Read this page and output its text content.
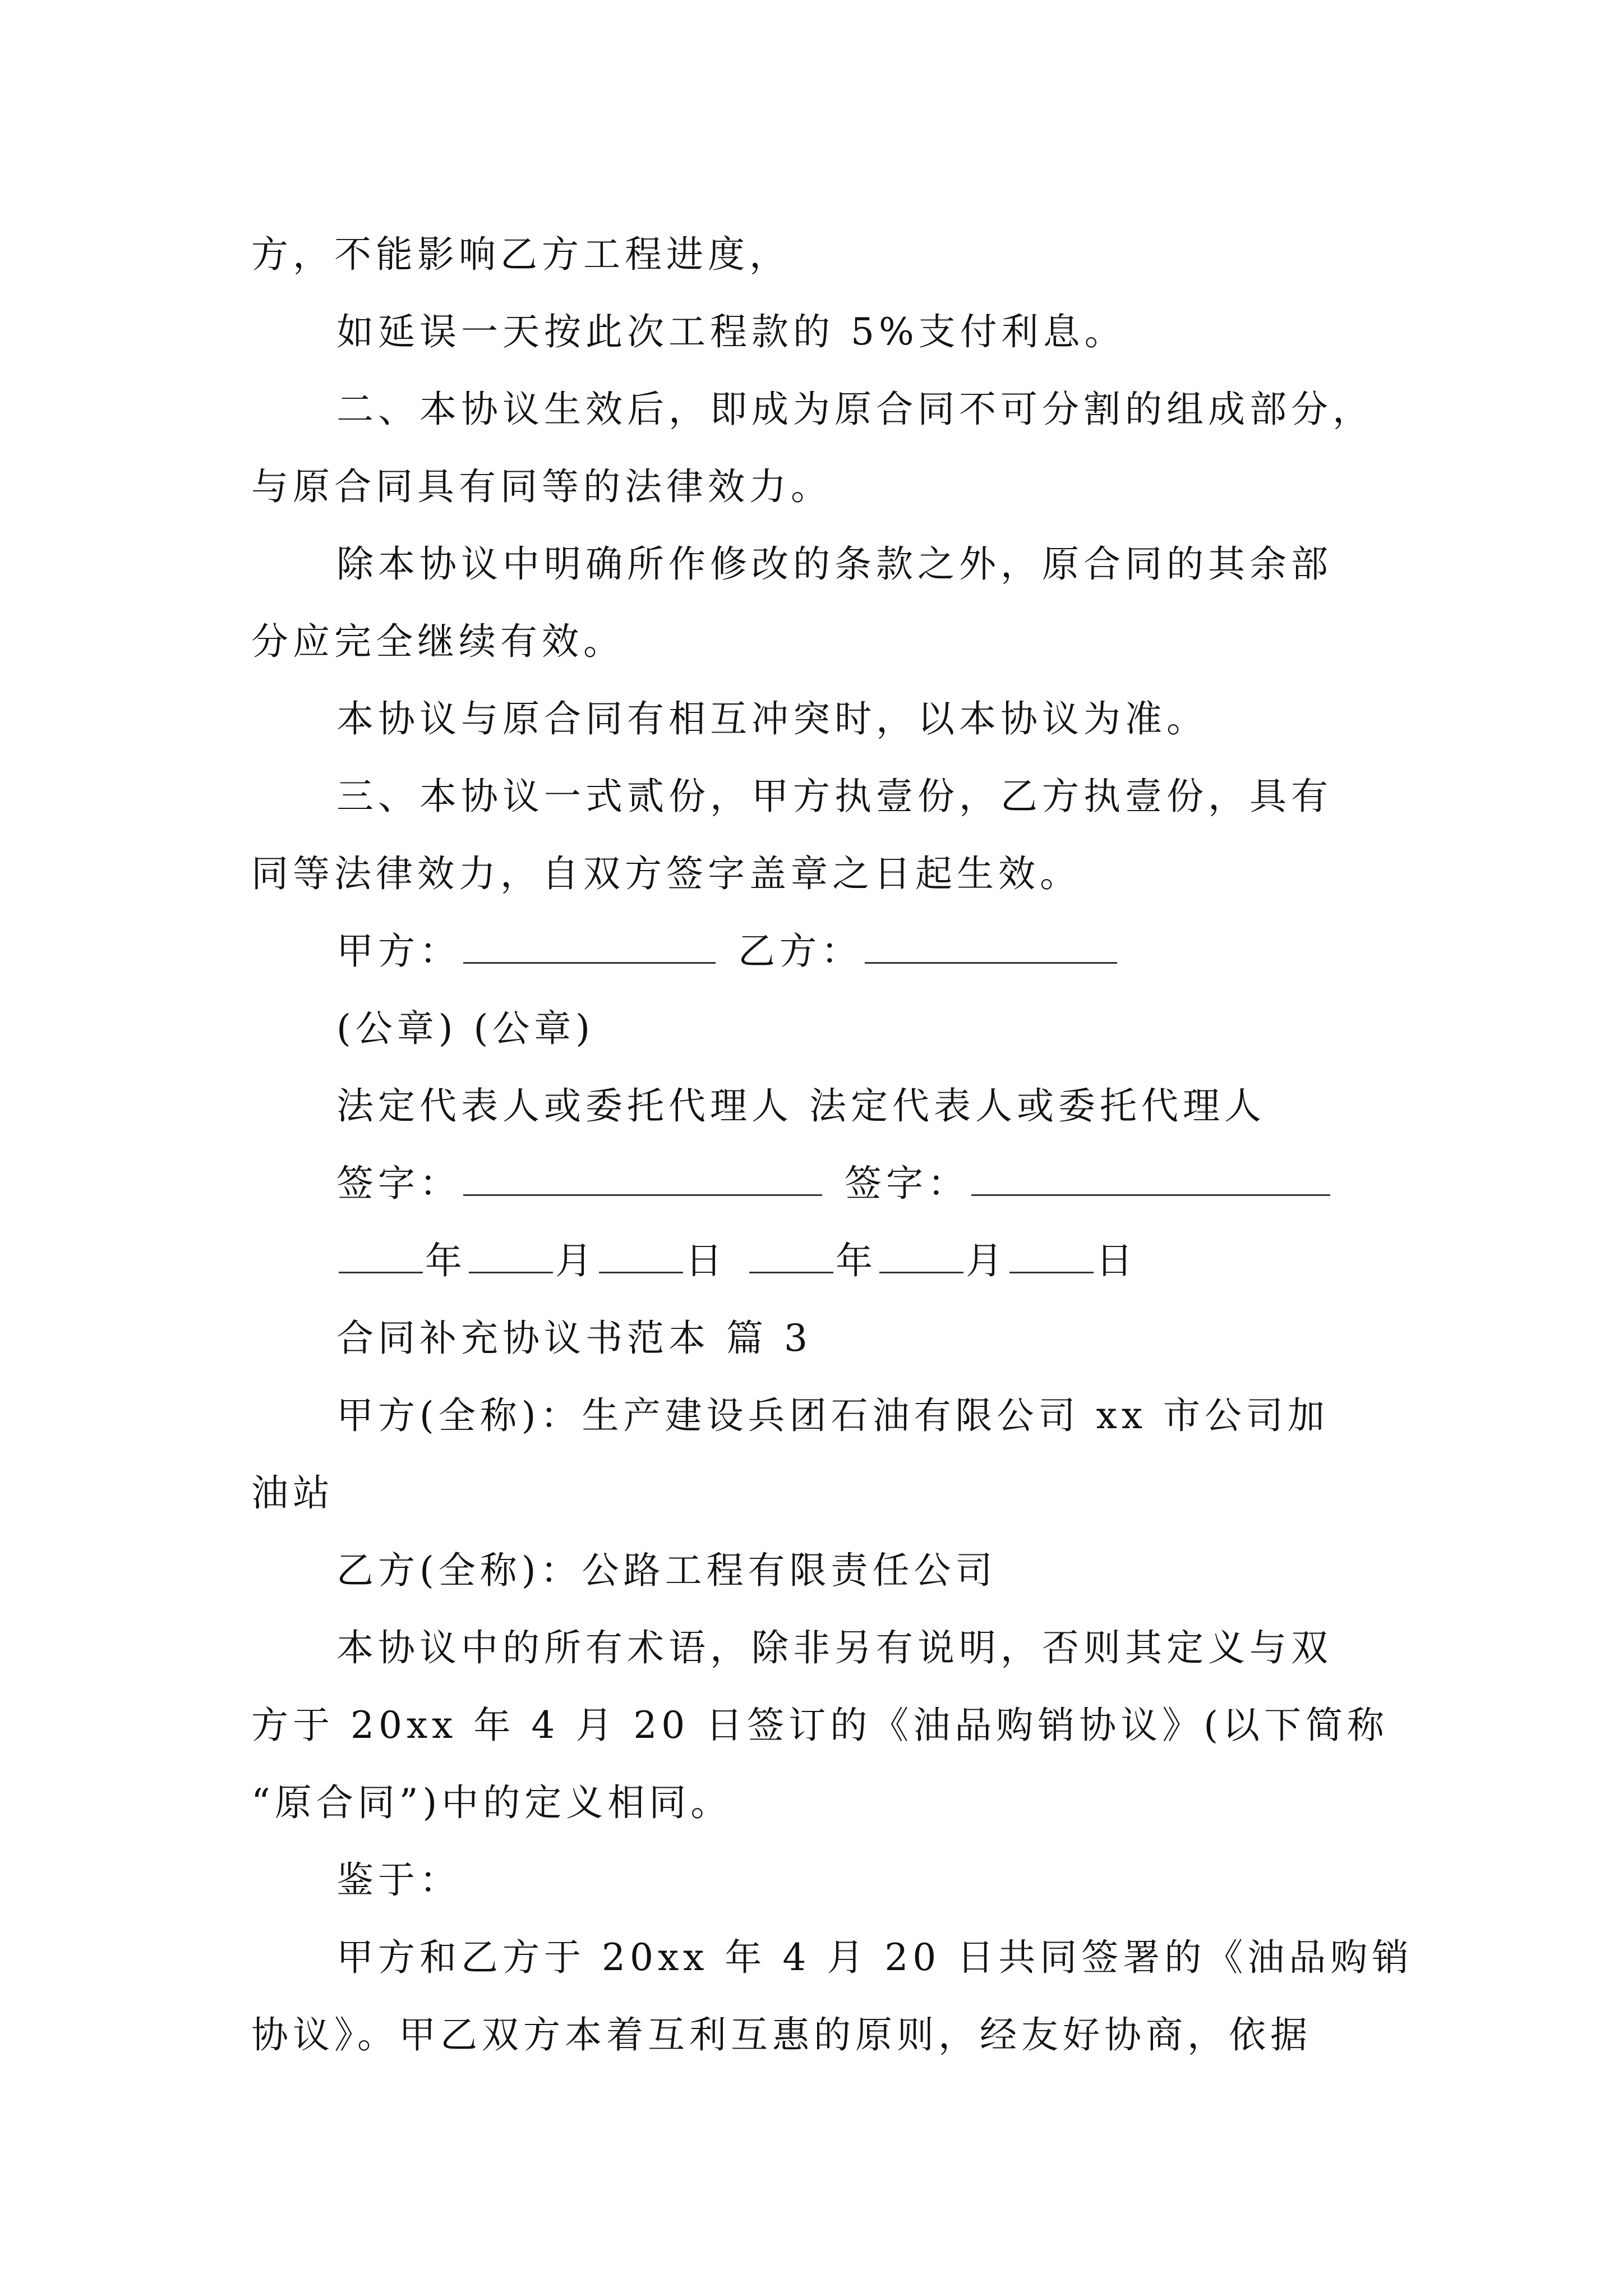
方，不能影响乙方工程进度，
如延误一天按此次工程款的 5%支付利息。
二、本协议生效后，即成为原合同不可分割的组成部分，
与原合同具有同等的法律效力。
除本协议中明确所作修改的条款之外，原合同的其余部
分应完全继续有效。
本协议与原合同有相互冲突时，以本协议为准。
三、本协议一式贰份，甲方执壹份，乙方执壹份，具有
同等法律效力，自双方签字盖章之日起生效。
甲方：	乙方：
(公章) (公章)
法定代表人或委托代理人 法定代表人或委托代理人
签字：	签字：
年 月 日	年 月 日
合同补充协议书范本 篇 3
甲方(全称)：生产建设兵团石油有限公司 xx 市公司加
油站
乙方(全称)：公路工程有限责任公司
本协议中的所有术语，除非另有说明，否则其定义与双
方于 20xx 年 4 月 20 日签订的《油品购销协议》(以下简称
“原合同”)中的定义相同。
鉴于：
甲方和乙方于 20xx 年 4 月 20 日共同签署的《油品购销
协议》。甲乙双方本着互利互惠的原则，经友好协商，依据
